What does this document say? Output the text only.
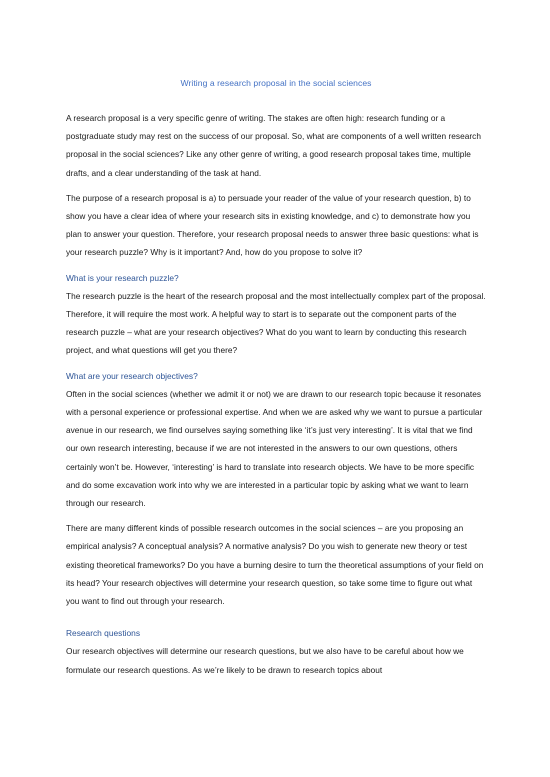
Writing a research proposal in the social sciences

A research proposal is a very specific genre of writing. The stakes are often high: research funding or a postgraduate study may rest on the success of our proposal. So, what are components of a well written research proposal in the social sciences? Like any other genre of writing, a good research proposal takes time, multiple drafts, and a clear understanding of the task at hand.

The purpose of a research proposal is a) to persuade your reader of the value of your research question, b) to show you have a clear idea of where your research sits in existing knowledge, and c) to demonstrate how you plan to answer your question. Therefore, your research proposal needs to answer three basic questions: what is your research puzzle? Why is it important? And, how do you propose to solve it?

What is your research puzzle?

The research puzzle is the heart of the research proposal and the most intellectually complex part of the proposal. Therefore, it will require the most work. A helpful way to start is to separate out the component parts of the research puzzle – what are your research objectives? What do you want to learn by conducting this research project, and what questions will get you there?

What are your research objectives?

Often in the social sciences (whether we admit it or not) we are drawn to our research topic because it resonates with a personal experience or professional expertise. And when we are asked why we want to pursue a particular avenue in our research, we find ourselves saying something like ‘it’s just very interesting’. It is vital that we find our own research interesting, because if we are not interested in the answers to our own questions, others certainly won’t be. However, ‘interesting’ is hard to translate into research objects. We have to be more specific and do some excavation work into why we are interested in a particular topic by asking what we want to learn through our research.

There are many different kinds of possible research outcomes in the social sciences – are you proposing an empirical analysis? A conceptual analysis? A normative analysis? Do you wish to generate new theory or test existing theoretical frameworks? Do you have a burning desire to turn the theoretical assumptions of your field on its head? Your research objectives will determine your research question, so take some time to figure out what you want to find out through your research.

Research questions

Our research objectives will determine our research questions, but we also have to be careful about how we formulate our research questions. As we’re likely to be drawn to research topics about
